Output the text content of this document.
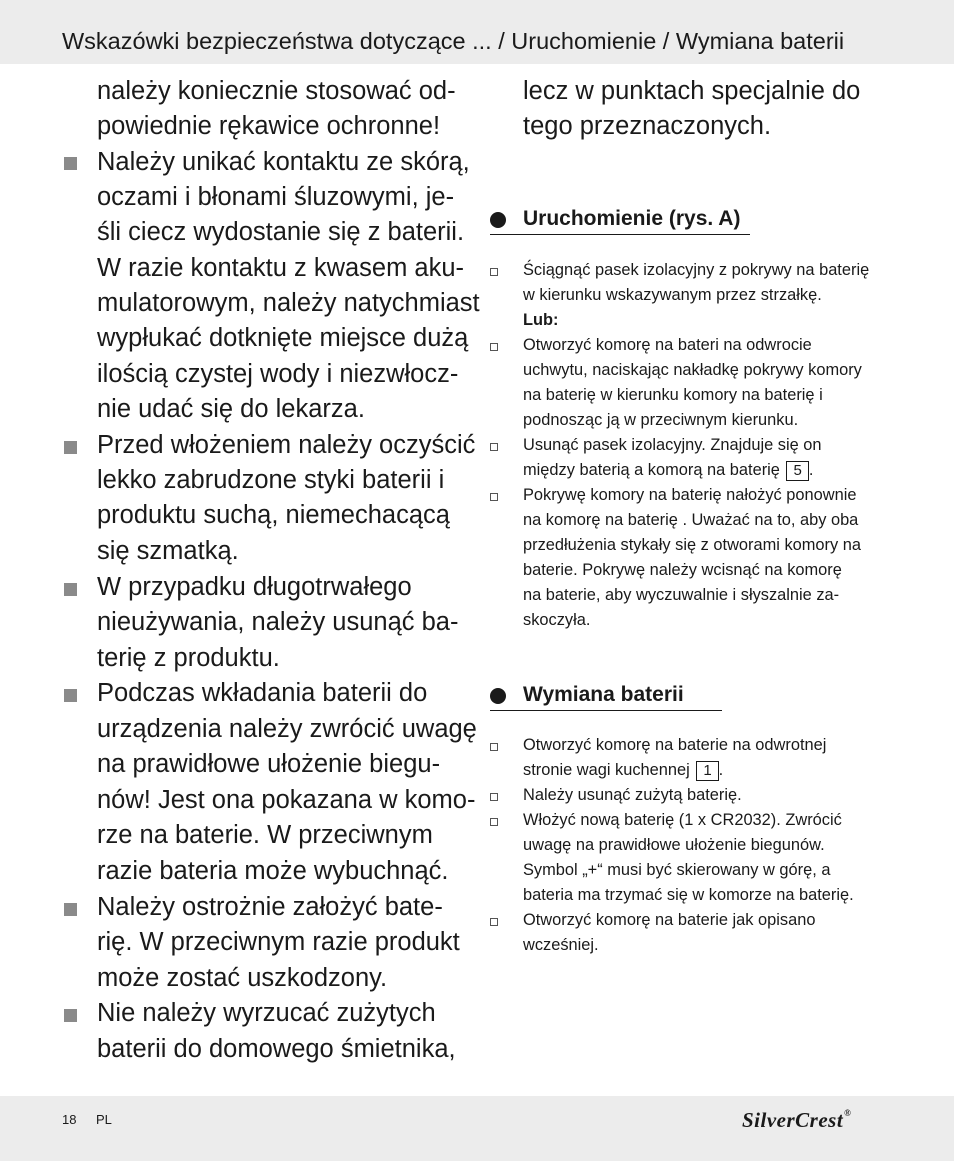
Wskazówki bezpieczeństwa dotyczące ... / Uruchomienie / Wymiana baterii
należy koniecznie stosować od-
powiednie rękawice ochronne!
Należy unikać kontaktu ze skórą,
oczami i błonami śluzowymi, je-
śli ciecz wydostanie się z baterii.
W razie kontaktu z kwasem aku-
mulatorowym, należy natychmiast
wypłukać dotknięte miejsce dużą
ilością czystej wody i niezwłocz-
nie udać się do lekarza.
Przed włożeniem należy oczyścić
lekko zabrudzone styki baterii i
produktu suchą, niemechacącą
się szmatką.
W przypadku długotrwałego
nieużywania, należy usunąć ba-
terię z produktu.
Podczas wkładania baterii do
urządzenia należy zwrócić uwagę
na prawidłowe ułożenie biegu-
nów! Jest ona pokazana w komo-
rze na baterie. W przeciwnym
razie bateria może wybuchnąć.
Należy ostrożnie założyć bate-
rię. W przeciwnym razie produkt
może zostać uszkodzony.
Nie należy wyrzucać zużytych
baterii do domowego śmietnika,
lecz w punktach specjalnie do
tego przeznaczonych.
Uruchomienie (rys. A)
Ściągnąć pasek izolacyjny z pokrywy na baterię
w kierunku wskazywanym przez strzałkę.
Lub:
Otworzyć komorę na bateri na odwrocie
uchwytu, naciskając nakładkę pokrywy komory
na baterię w kierunku komory na baterię i
podnosząc ją w przeciwnym kierunku.
Usunąć pasek izolacyjny. Znajduje się on
między baterią a komorą na baterię 5 .
Pokrywę komory na baterię nałożyć ponownie
na komorę na baterię . Uważać na to, aby oba
przedłużenia stykały się z otworami komory na
baterie. Pokrywę należy wcisnąć na komorę
na baterie, aby wyczuwalnie i słyszalnie za-
skoczyła.
Wymiana baterii
Otworzyć komorę na baterie na odwrotnej
stronie wagi kuchennej 1 .
Należy usunąć zużytą baterię.
Włożyć nową baterię (1 x CR2032). Zwrócić
uwagę na prawidłowe ułożenie biegunów.
Symbol „+“ musi być skierowany w górę, a
bateria ma trzymać się w komorze na baterię.
Otworzyć komorę na baterie jak opisano
wcześniej.
18 PL	SilverCrest®
